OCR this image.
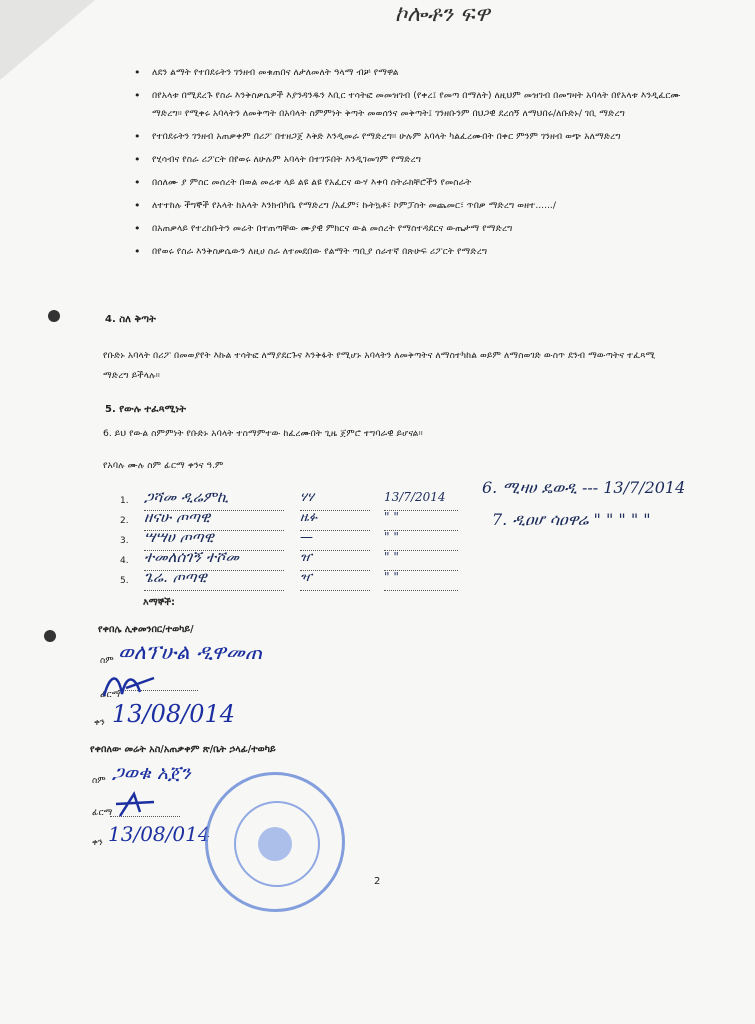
ኮሎቶን ፍዋ
• ለደን ልማት የተበደሩትን ገንዘብ መቁጠበና ለታለመለት ዓላማ ብቻ የማዋል
• በየአላቱ በሚደረጉ የስራ እንቅስቃሴዎች እያንዳንዱን እቢር ተሳትፎ መመዝገብ (የቀረ፤ የመጣ በማለት) ለዚህም መዝገብ በመግዛት አባላት በየአላቱ እንዲፈርሙ ማድረግ። የሚቀሩ አባላትን ለመቅጣት በአባላት ስምምነት ቅጣት መወሰንና መቅጣት፤ ገንዘቡንም በህጋዊ ደረሰኝ ለማህበሩ/ለቡድኑ/ ገቢ ማድረግ
• የተበደሩትን ገንዘብ አጠቃቀም በሪፖ በተዘጋጀ እቅድ እንዲመራ የማድረግ። ሁሉም አባላት ካልፈረሙበት በቀር ምንም ገንዘብ ወጭ አለማድረግ
• የሂሳብና የስራ ሪፖርት በየወሩ ለሁሉም አባላት በተገኙበት እንዲገመገም የማድረግ
• በሰለሙ ያ ምስር መሰረት በወል መሬቱ ላይ ልዩ ልዩ የአፈርና ውሃ እቀባ ስትራክቸሮችን የመስራት
• ለተተከሉ ችግኞች የአላት ከአላት እንክብካቤ የማድረግ /አፈም፣ ኩትኳቶ፣ ኮምፓስት መጨመር፣ ጥበቃ ማድረግ ወዘተ....../
• በአጠቃላይ የተረከቡትን መሬት በተጠጣቸው ሙያዊ ምክርና ውል መሰረት የማስተዳደርና ውጤታማ የማድረግ
• በየወሩ የስራ እንቅስቃሴውን ለዚሀ ስራ ለተመደበው የልማት ጣቢያ ሰራተኛ በጽሁፍ ሪፖርት የማድረግ
4. ስለ ቅጣት
የቡድኑ አባላት በሪፖ በመወያየት እኩል ተሳትፎ ለማያደርጉና እንቅፋት የሚሆኑ አባላትን ለመቅጣትና ለማስተካከል ወይም ለማስወገድ ውስጥ ደንብ ማውጣትና ተፈጻሚ ማድረግ ይችላሉ።
5. የውሉ ተፈጻሚነት
6. ይህ የውል ስምምነት የቡድኑ አባላት ተስማምተው ከፈረሙበት ጊዜ ጀምሮ ተግባራዊ ይሆናል።
የአባሉ ሙሉ ስም ፊርማ ቀንና ዓ.ም
1. ጋሻመ ዲሬምኪ	ሃሃ	13/7/2014
2. ዘናሁ ጦጣዊ	ዜፉ	" "
3. ሣሣሀ ጦጣዊ	—	" "
4. ተመለሰገኝ ተሾመ	ዠ	" "
5. ጌሬ. ጦጣዊ	ዣ	" "
6. ሚዛሀ ዴወዲ --- 13/7/2014
7. ዲዐሆ ሳዐዋሬ " " " " "
እማኞች:
የቀበሌ ሊቀመንበር/ተወካይ/
ስም ወለፕሁል ዲዋመጠ
ፊርማ
ቀን 13/08/014
የቀበለው መሬት አስ/አጠቃቀም ጽ/ቤት ኃላፊ/ተወካይ
ስም ጋወቁ አጀን
ፊርማ
ቀን 13/08/014
2
